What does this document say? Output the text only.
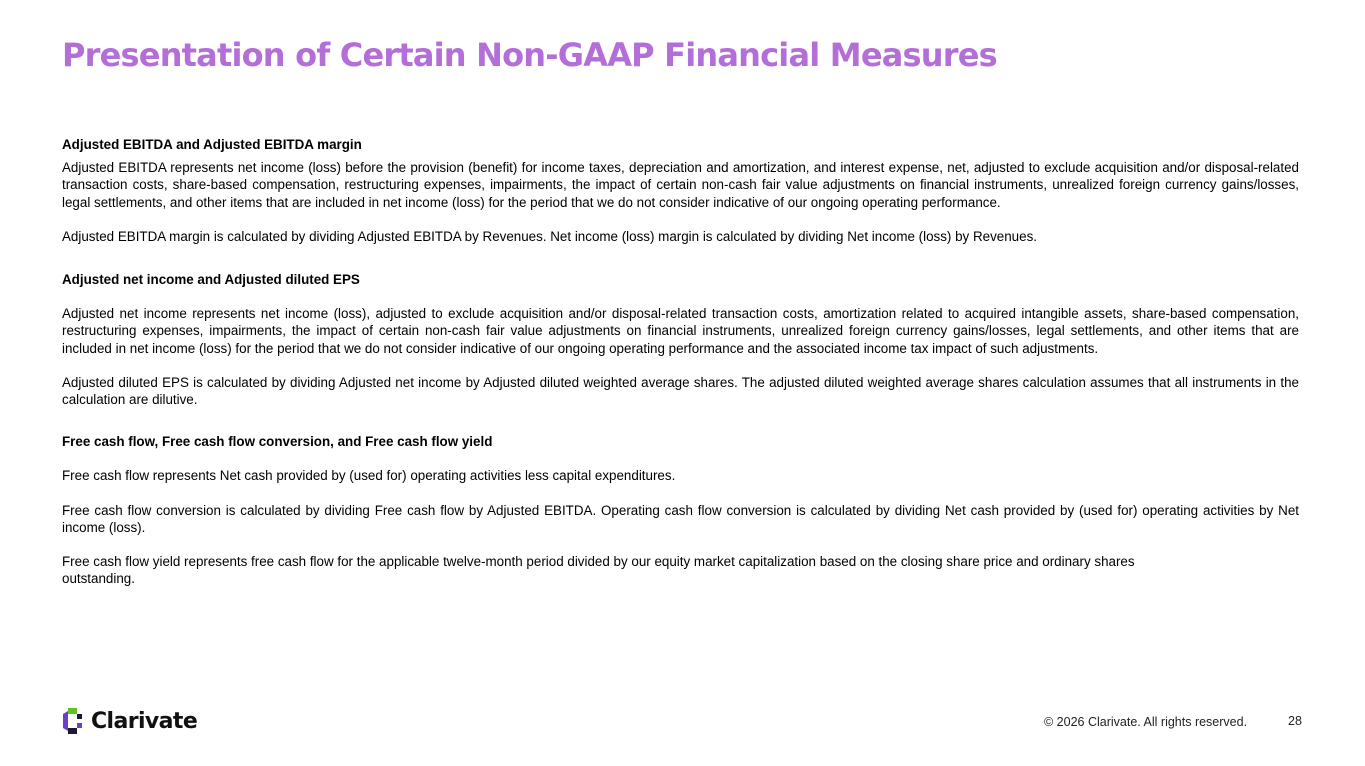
Presentation of Certain Non-GAAP Financial Measures

Adjusted EBITDA and Adjusted EBITDA margin

Adjusted EBITDA represents net income (loss) before the provision (benefit) for income taxes, depreciation and amortization, and interest expense, net, adjusted to exclude acquisition and/or disposal-related transaction costs, share-based compensation, restructuring expenses, impairments, the impact of certain non-cash fair value adjustments on financial instruments, unrealized foreign currency gains/losses, legal settlements, and other items that are included in net income (loss) for the period that we do not consider indicative of our ongoing operating performance.

Adjusted EBITDA margin is calculated by dividing Adjusted EBITDA by Revenues. Net income (loss) margin is calculated by dividing Net income (loss) by Revenues.

Adjusted net income and Adjusted diluted EPS

Adjusted net income represents net income (loss), adjusted to exclude acquisition and/or disposal-related transaction costs, amortization related to acquired intangible assets, share-based compensation, restructuring expenses, impairments, the impact of certain non-cash fair value adjustments on financial instruments, unrealized foreign currency gains/losses, legal settlements, and other items that are included in net income (loss) for the period that we do not consider indicative of our ongoing operating performance and the associated income tax impact of such adjustments.

Adjusted diluted EPS is calculated by dividing Adjusted net income by Adjusted diluted weighted average shares. The adjusted diluted weighted average shares calculation assumes that all instruments in the calculation are dilutive.

Free cash flow, Free cash flow conversion, and Free cash flow yield

Free cash flow represents Net cash provided by (used for) operating activities less capital expenditures.

Free cash flow conversion is calculated by dividing Free cash flow by Adjusted EBITDA. Operating cash flow conversion is calculated by dividing Net cash provided by (used for) operating activities by Net income (loss).

Free cash flow yield represents free cash flow for the applicable twelve-month period divided by our equity market capitalization based on the closing share price and ordinary shares outstanding.

Clarivate	© 2026 Clarivate. All rights reserved.	28
